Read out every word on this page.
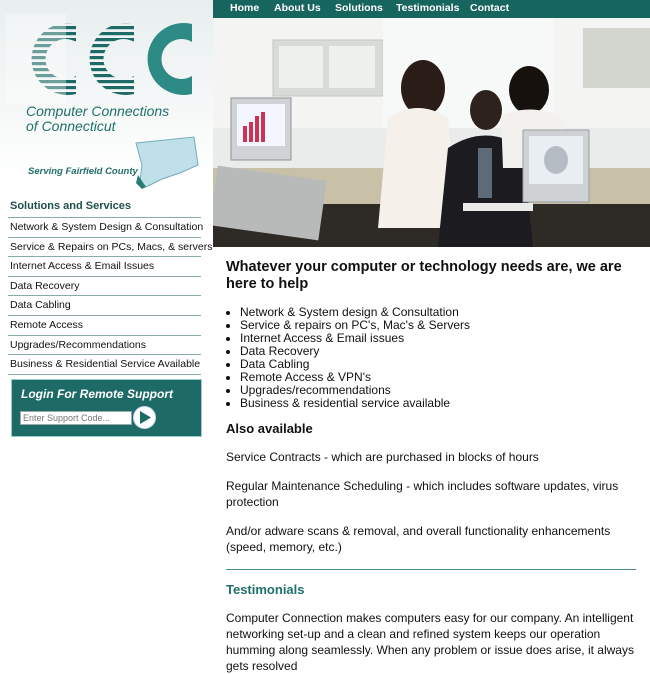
Computer Connections
of Connecticut
Serving Fairfield County
Solutions and Services
Network & System Design & Consultation
Service & Repairs on PCs, Macs, & servers
Internet Access & Email Issues
Data Recovery
Data Cabling
Remote Access
Upgrades/Recommendations
Business & Residential Service Available
Login For Remote Support
Enter Support Code...
Home About Us Solutions Testimonials Contact
Whatever your computer or technology needs are, we are here to help
• Network & System design & Consultation
• Service & repairs on PC's, Mac's & Servers
• Internet Access & Email issues
• Data Recovery
• Data Cabling
• Remote Access & VPN's
• Upgrades/recommendations
• Business & residential service available
Also available

Service Contracts - which are purchased in blocks of hours

Regular Maintenance Scheduling - which includes software updates, virus protection

And/or adware scans & removal, and overall functionality enhancements (speed, memory, etc.)

Testimonials

Computer Connection makes computers easy for our company. An intelligent networking set-up and a clean and refined system keeps our operation humming along seamlessly. When any problem or issue does arise, it always gets resolved
